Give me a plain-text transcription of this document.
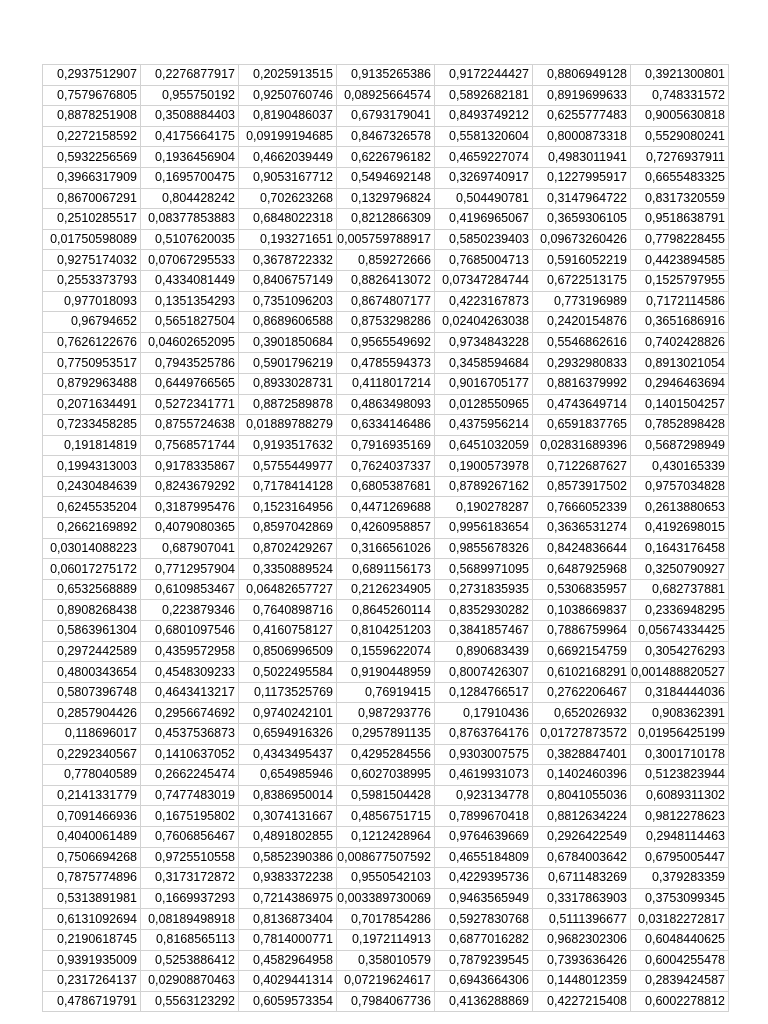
0,2937512907	0,2276877917	0,2025913515	0,9135265386	0,9172244427	0,8806949128	0,3921300801
0,7579676805	0,955750192	0,9250760746	0,08925664574	0,5892682181	0,8919699633	0,748331572
0,8878251908	0,3508884403	0,8190486037	0,6793179041	0,8493749212	0,6255777483	0,9005630818
0,2272158592	0,4175664175	0,09199194685	0,8467326578	0,5581320604	0,8000873318	0,5529080241
0,5932256569	0,1936456904	0,4662039449	0,6226796182	0,4659227074	0,4983011941	0,7276937911
0,3966317909	0,1695700475	0,9053167712	0,5494692148	0,3269740917	0,1227995917	0,6655483325
0,8670067291	0,804428242	0,702623268	0,1329796824	0,504490781	0,3147964722	0,8317320559
0,2510285517	0,08377853883	0,6848022318	0,8212866309	0,4196965067	0,3659306105	0,9518638791
0,01750598089	0,5107620035	0,193271651	0,005759788917	0,5850239403	0,09673260426	0,7798228455
0,9275174032	0,07067295533	0,3678722332	0,859272666	0,7685004713	0,5916052219	0,4423894585
0,2553373793	0,4334081449	0,8406757149	0,8826413072	0,07347284744	0,6722513175	0,1525797955
0,977018093	0,1351354293	0,7351096203	0,8674807177	0,4223167873	0,773196989	0,7172114586
0,96794652	0,5651827504	0,8689606588	0,8753298286	0,02404263038	0,2420154876	0,3651686916
0,7626122676	0,04602652095	0,3901850684	0,9565549692	0,9734843228	0,5546862616	0,7402428826
0,7750953517	0,7943525786	0,5901796219	0,4785594373	0,3458594684	0,2932980833	0,8913021054
0,8792963488	0,6449766565	0,8933028731	0,4118017214	0,9016705177	0,8816379992	0,2946463694
0,2071634491	0,5272341771	0,8872589878	0,4863498093	0,0128550965	0,4743649714	0,1401504257
0,7233458285	0,8755724638	0,01889788279	0,6334146486	0,4375956214	0,6591837765	0,7852898428
0,191814819	0,7568571744	0,9193517632	0,7916935169	0,6451032059	0,02831689396	0,5687298949
0,1994313003	0,9178335867	0,5755449977	0,7624037337	0,1900573978	0,7122687627	0,430165339
0,2430484639	0,8243679292	0,7178414128	0,6805387681	0,8789267162	0,8573917502	0,9757034828
0,6245535204	0,3187995476	0,1523164956	0,4471269688	0,190278287	0,7666052339	0,2613880653
0,2662169892	0,4079080365	0,8597042869	0,4260958857	0,9956183654	0,3636531274	0,4192698015
0,03014088223	0,687907041	0,8702429267	0,3166561026	0,9855678326	0,8424836644	0,1643176458
0,06017275172	0,7712957904	0,3350889524	0,6891156173	0,5689971095	0,6487925968	0,3250790927
0,6532568889	0,6109853467	0,06482657727	0,2126234905	0,2731835935	0,5306835957	0,682737881
0,8908268438	0,223879346	0,7640898716	0,8645260114	0,8352930282	0,1038669837	0,2336948295
0,5863961304	0,6801097546	0,4160758127	0,8104251203	0,3841857467	0,7886759964	0,05674334425
0,2972442589	0,4359572958	0,8506996509	0,1559622074	0,890683439	0,6692154759	0,3054276293
0,4800343654	0,4548309233	0,5022495584	0,9190448959	0,8007426307	0,6102168291	0,001488820527
0,5807396748	0,4643413217	0,1173525769	0,76919415	0,1284766517	0,2762206467	0,3184444036
0,2857904426	0,2956674692	0,9740242101	0,987293776	0,17910436	0,652026932	0,908362391
0,118696017	0,4537536873	0,6594916326	0,2957891135	0,8763764176	0,01727873572	0,01956425199
0,2292340567	0,1410637052	0,4343495437	0,4295284556	0,9303007575	0,3828847401	0,3001710178
0,778040589	0,2662245474	0,654985946	0,6027038995	0,4619931073	0,1402460396	0,5123823944
0,2141331779	0,7477483019	0,8386950014	0,5981504428	0,923134778	0,8041055036	0,6089311302
0,7091466936	0,1675195802	0,3074131667	0,4856751715	0,7899670418	0,8812634224	0,9812278623
0,4040061489	0,7606856467	0,4891802855	0,1212428964	0,9764639669	0,2926422549	0,2948114463
0,7506694268	0,9725510558	0,5852390386	0,008677507592	0,4655184809	0,6784003642	0,6795005447
0,7875774896	0,3173172872	0,9383372238	0,9550542103	0,4229395736	0,6711483269	0,379283359
0,5313891981	0,1669937293	0,7214386975	0,003389730069	0,9463565949	0,3317863903	0,3753099345
0,6131092694	0,08189498918	0,8136873404	0,7017854286	0,5927830768	0,5111396677	0,03182272817
0,2190618745	0,8168565113	0,7814000771	0,1972114913	0,6877016282	0,9682302306	0,6048440625
0,9391935009	0,5253886412	0,4582964958	0,358010579	0,7879239545	0,7393636426	0,6004255478
0,2317264137	0,02908870463	0,4029441314	0,07219624617	0,6943664306	0,1448012359	0,2839424587
0,4786719791	0,5563123292	0,6059573354	0,7984067736	0,4136288869	0,4227215408	0,6002278812
